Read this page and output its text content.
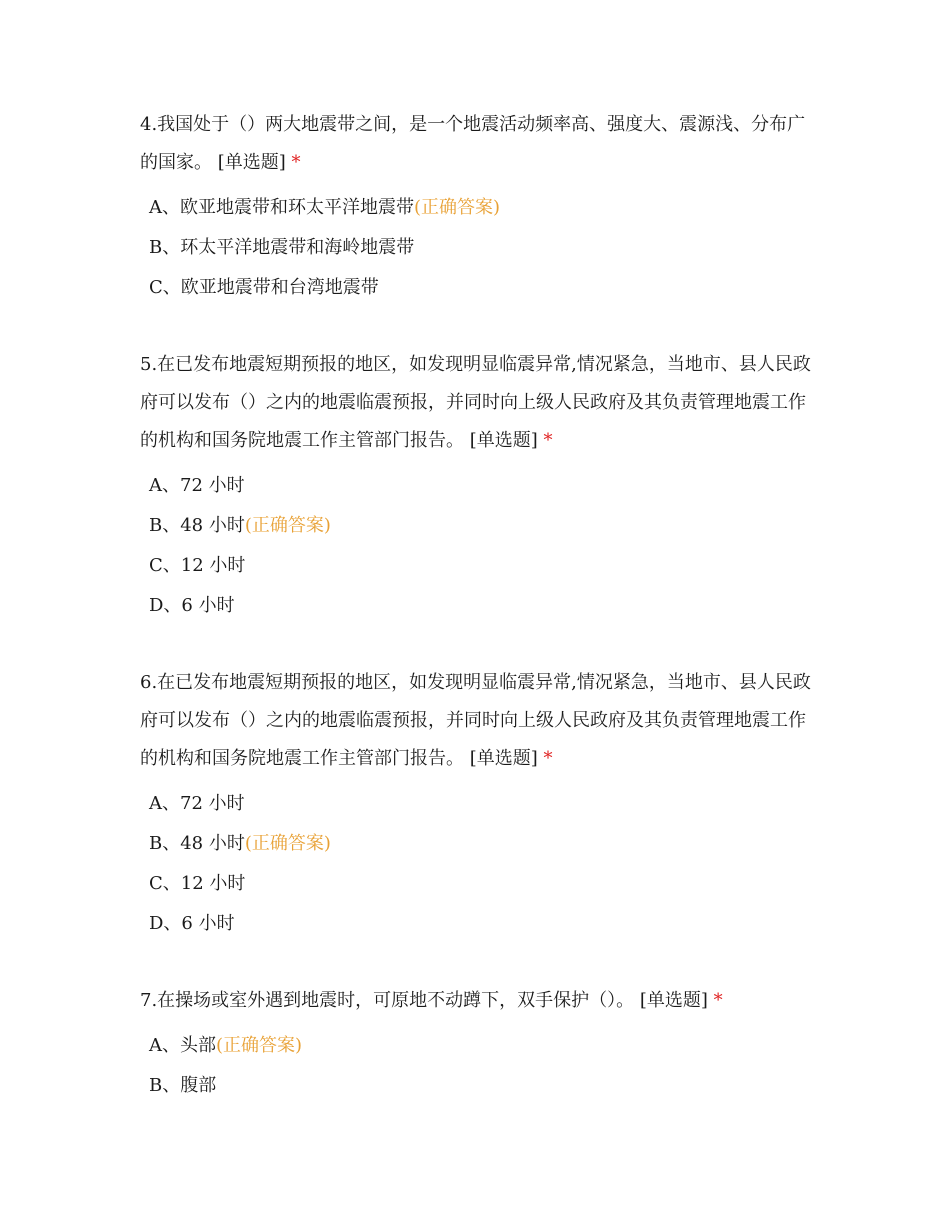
4.我国处于（）两大地震带之间，是一个地震活动频率高、强度大、震源浅、分布广的国家。 [单选题] *

A、欧亚地震带和环太平洋地震带(正确答案)
B、环太平洋地震带和海岭地震带
C、欧亚地震带和台湾地震带

5.在已发布地震短期预报的地区，如发现明显临震异常,情况紧急，当地市、县人民政府可以发布（）之内的地震临震预报，并同时向上级人民政府及其负责管理地震工作的机构和国务院地震工作主管部门报告。 [单选题] *

A、72 小时
B、48 小时(正确答案)
C、12 小时
D、6 小时

6.在已发布地震短期预报的地区，如发现明显临震异常,情况紧急，当地市、县人民政府可以发布（）之内的地震临震预报，并同时向上级人民政府及其负责管理地震工作的机构和国务院地震工作主管部门报告。 [单选题] *

A、72 小时
B、48 小时(正确答案)
C、12 小时
D、6 小时

7.在操场或室外遇到地震时，可原地不动蹲下，双手保护（）。 [单选题] *

A、头部(正确答案)
B、腹部
